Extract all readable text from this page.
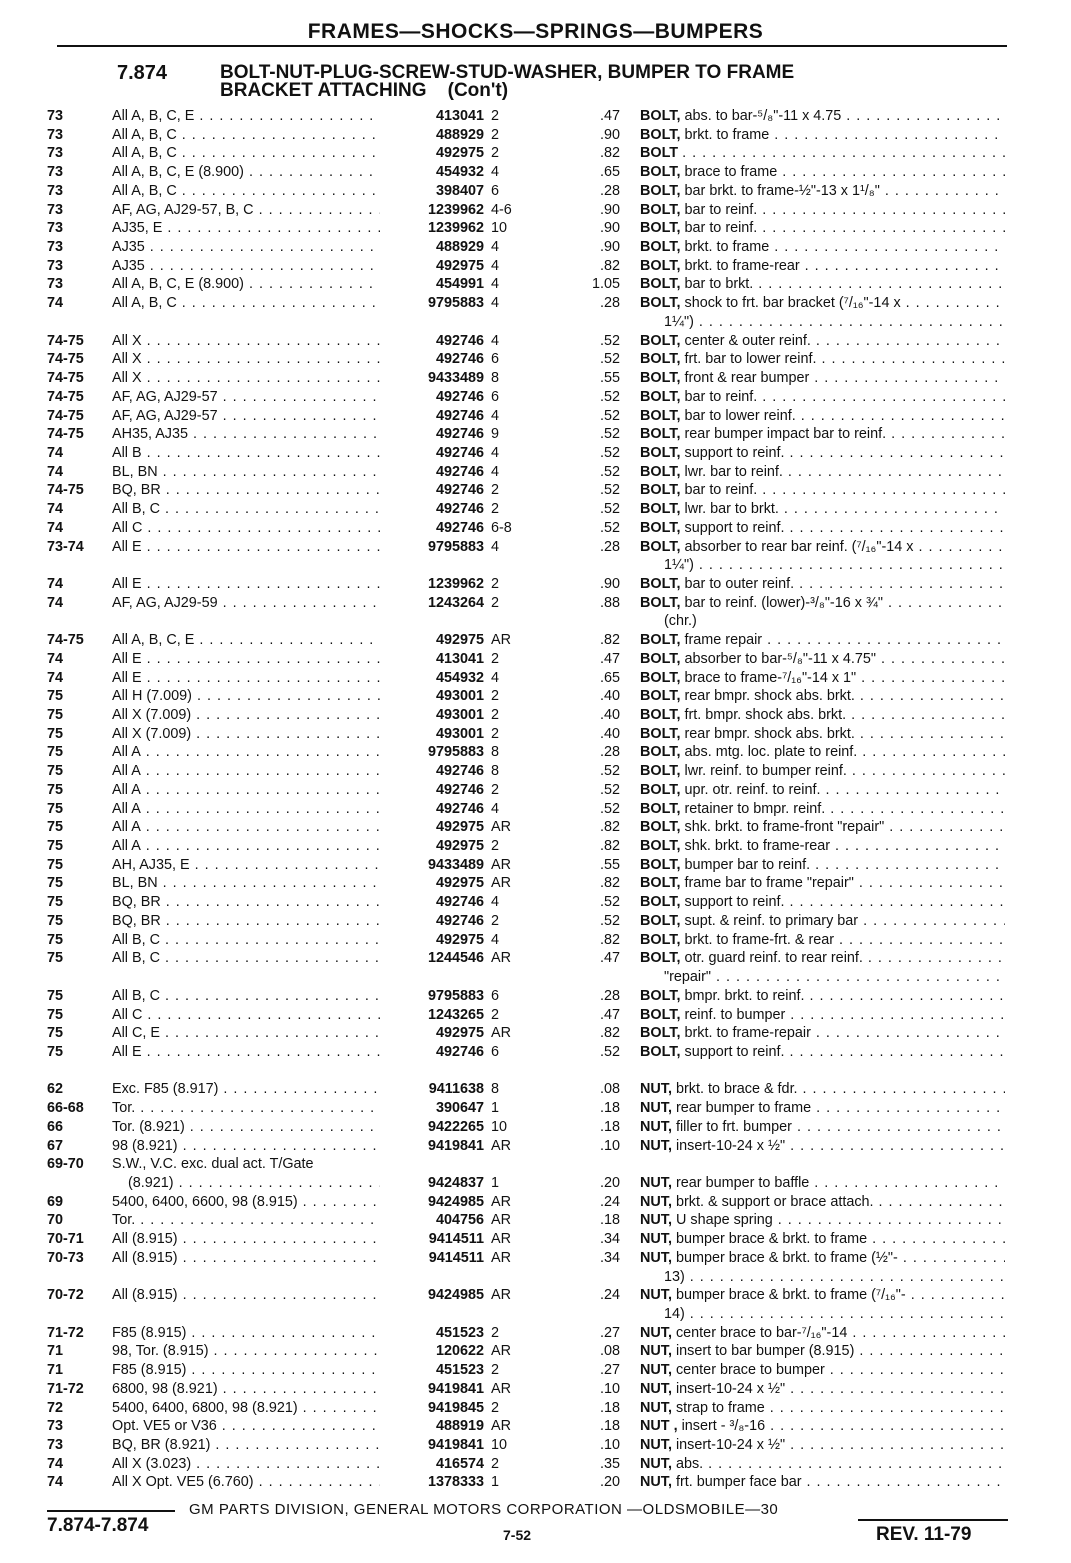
FRAMES—SHOCKS—SPRINGS—BUMPERS
7.874	BOLT-NUT-PLUG-SCREW-STUD-WASHER, BUMPER TO FRAME
BRACKET ATTACHING    (Con't)
73	All A, B, C, E . . .	413041 2	.47 BOLT, abs. to bar-⁵/₈"-11 x 4.75 . . .
73	All A, B, C . . .	488929 2	.90 BOLT, brkt. to frame . . .
73	All A, B, C . . .	492975 2	.82 BOLT . . .
73	All A, B, C, E (8.900) . . .	454932 4	.65 BOLT, brace to frame . . .
73	All A, B, C . . .	398407 6	.28 BOLT, bar brkt. to frame-½"-13 x 1¹/₈" . . .
73	AF, AG, AJ29-57, B, C . . .	1239962 4-6	.90 BOLT, bar to reinf. . . .
73	AJ35, E . . .	1239962 10	.90 BOLT, bar to reinf. . . .
73	AJ35 . . .	488929 4	.90 BOLT, brkt. to frame . . .
73	AJ35 . . .	492975 4	.82 BOLT, brkt. to frame-rear . . .
73	All A, B, C, E (8.900) . . .	454991 4	1.05 BOLT, bar to brkt. . . .
74	All A, B, C . . .	9795883 4	.28 BOLT, shock to frt. bar bracket (⁷/₁₆"-14 x . . .
1¼") . . .
74-75	All X . . .	492746 4	.52 BOLT, center & outer reinf. . . .
74-75	All X . . .	492746 6	.52 BOLT, frt. bar to lower reinf. . . .
74-75	All X . . .	9433489 8	.55 BOLT, front & rear bumper . . .
74-75	AF, AG, AJ29-57 . . .	492746 6	.52 BOLT, bar to reinf. . . .
74-75	AF, AG, AJ29-57 . . .	492746 4	.52 BOLT, bar to lower reinf. . . .
74-75	AH35, AJ35 . . .	492746 9	.52 BOLT, rear bumper impact bar to reinf. . . .
74	All B . . .	492746 4	.52 BOLT, support to reinf. . . .
74	BL, BN . . .	492746 4	.52 BOLT, lwr. bar to reinf. . . .
74-75	BQ, BR . . .	492746 2	.52 BOLT, bar to reinf. . . .
74	All B, C . . .	492746 2	.52 BOLT, lwr. bar to brkt. . . .
74	All C . . .	492746 6-8	.52 BOLT, support to reinf. . . .
73-74	All E . . .	9795883 4	.28 BOLT, absorber to rear bar reinf. (⁷/₁₆"-14 x . . .
1¼") . . .
74	All E . . .	1239962 2	.90 BOLT, bar to outer reinf. . . .
74	AF, AG, AJ29-59 . . .	1243264 2	.88 BOLT, bar to reinf. (lower)-³/₈"-16 x ¾" . . .
(chr.)
74-75	All A, B, C, E . . .	492975 AR	.82 BOLT, frame repair . . .
74	All E . . .	413041 2	.47 BOLT, absorber to bar-⁵/₈"-11 x 4.75" . . .
74	All E . . .	454932 4	.65 BOLT, brace to frame-⁷/₁₆"-14 x 1" . . .
75	All H (7.009) . . .	493001 2	.40 BOLT, rear bmpr. shock abs. brkt. . . .
75	All X (7.009) . . .	493001 2	.40 BOLT, frt. bmpr. shock abs. brkt. . . .
75	All X (7.009) . . .	493001 2	.40 BOLT, rear bmpr. shock abs. brkt. . . .
75	All A . . .	9795883 8	.28 BOLT, abs. mtg. loc. plate to reinf. . . .
75	All A . . .	492746 8	.52 BOLT, lwr. reinf. to bumper reinf. . . .
75	All A . . .	492746 2	.52 BOLT, upr. otr. reinf. to reinf. . . .
75	All A . . .	492746 4	.52 BOLT, retainer to bmpr. reinf. . . .
75	All A . . .	492975 AR	.82 BOLT, shk. brkt. to frame-front "repair" . . .
75	All A . . .	492975 2	.82 BOLT, shk. brkt. to frame-rear . . .
75	AH, AJ35, E . . .	9433489 AR	.55 BOLT, bumper bar to reinf. . . .
75	BL, BN . . .	492975 AR	.82 BOLT, frame bar to frame "repair" . . .
75	BQ, BR . . .	492746 4	.52 BOLT, support to reinf. . . .
75	BQ, BR . . .	492746 2	.52 BOLT, supt. & reinf. to primary bar . . .
75	All B, C . . .	492975 4	.82 BOLT, brkt. to frame-frt. & rear . . .
75	All B, C . . .	1244546 AR	.47 BOLT, otr. guard reinf. to rear reinf. . . .
"repair" . . .
75	All B, C . . .	9795883 6	.28 BOLT, bmpr. brkt. to reinf. . . .
75	All C . . .	1243265 2	.47 BOLT, reinf. to bumper . . .
75	All C, E . . .	492975 AR	.82 BOLT, brkt. to frame-repair . . .
75	All E . . .	492746 6	.52 BOLT, support to reinf. . . .
62	Exc. F85 (8.917) . . .	9411638 8	.08 NUT, brkt. to brace & fdr. . . .
66-68	Tor. . . .	390647 1	.18 NUT, rear bumper to frame . . .
66	Tor. (8.921) . . .	9422265 10	.18 NUT, filler to frt. bumper . . .
67	98 (8.921) . . .	9419841 AR	.10 NUT, insert-10-24 x ½" . . .
69-70	S.W., V.C. exc. dual act. T/Gate
(8.921) . . .	9424837 1	.20 NUT, rear bumper to baffle . . .
69	5400, 6400, 6600, 98 (8.915) . . .	9424985 AR	.24 NUT, brkt. & support or brace attach. . . .
70	Tor. . . .	404756 AR	.18 NUT, U shape spring . . .
70-71	All (8.915) . . .	9414511 AR	.34 NUT, bumper brace & brkt. to frame . . .
70-73	All (8.915) . . .	9414511 AR	.34 NUT, bumper brace & brkt. to frame (½"- . . .
13) . . .
70-72	All (8.915) . . .	9424985 AR	.24 NUT, bumper brace & brkt. to frame (⁷/₁₆"- . . .
14) . . .
71-72	F85 (8.915) . . .	451523 2	.27 NUT, center brace to bar-⁷/₁₆"-14 . . .
71	98, Tor. (8.915) . . .	120622 AR	.08 NUT, insert to bar bumper (8.915) . . .
71	F85 (8.915) . . .	451523 2	.27 NUT, center brace to bumper . . .
71-72	6800, 98 (8.921) . . .	9419841 AR	.10 NUT, insert-10-24 x ½" . . .
72	5400, 6400, 6800, 98 (8.921) . . .	9419845 2	.18 NUT, strap to frame . . .
73	Opt. VE5 or V36 . . .	488919 AR	.18 NUT , insert - ³/₈-16 . . .
73	BQ, BR (8.921) . . .	9419841 10	.10 NUT, insert-10-24 x ½" . . .
74	All X (3.023) . . .	416574 2	.35 NUT, abs. . . .
74	All X Opt. VE5 (6.760) . . .	1378333 1	.20 NUT, frt. bumper face bar . . .
7.874-7.874
GM PARTS DIVISION, GENERAL MOTORS CORPORATION —OLDSMOBILE—30
7-52	REV. 11-79
